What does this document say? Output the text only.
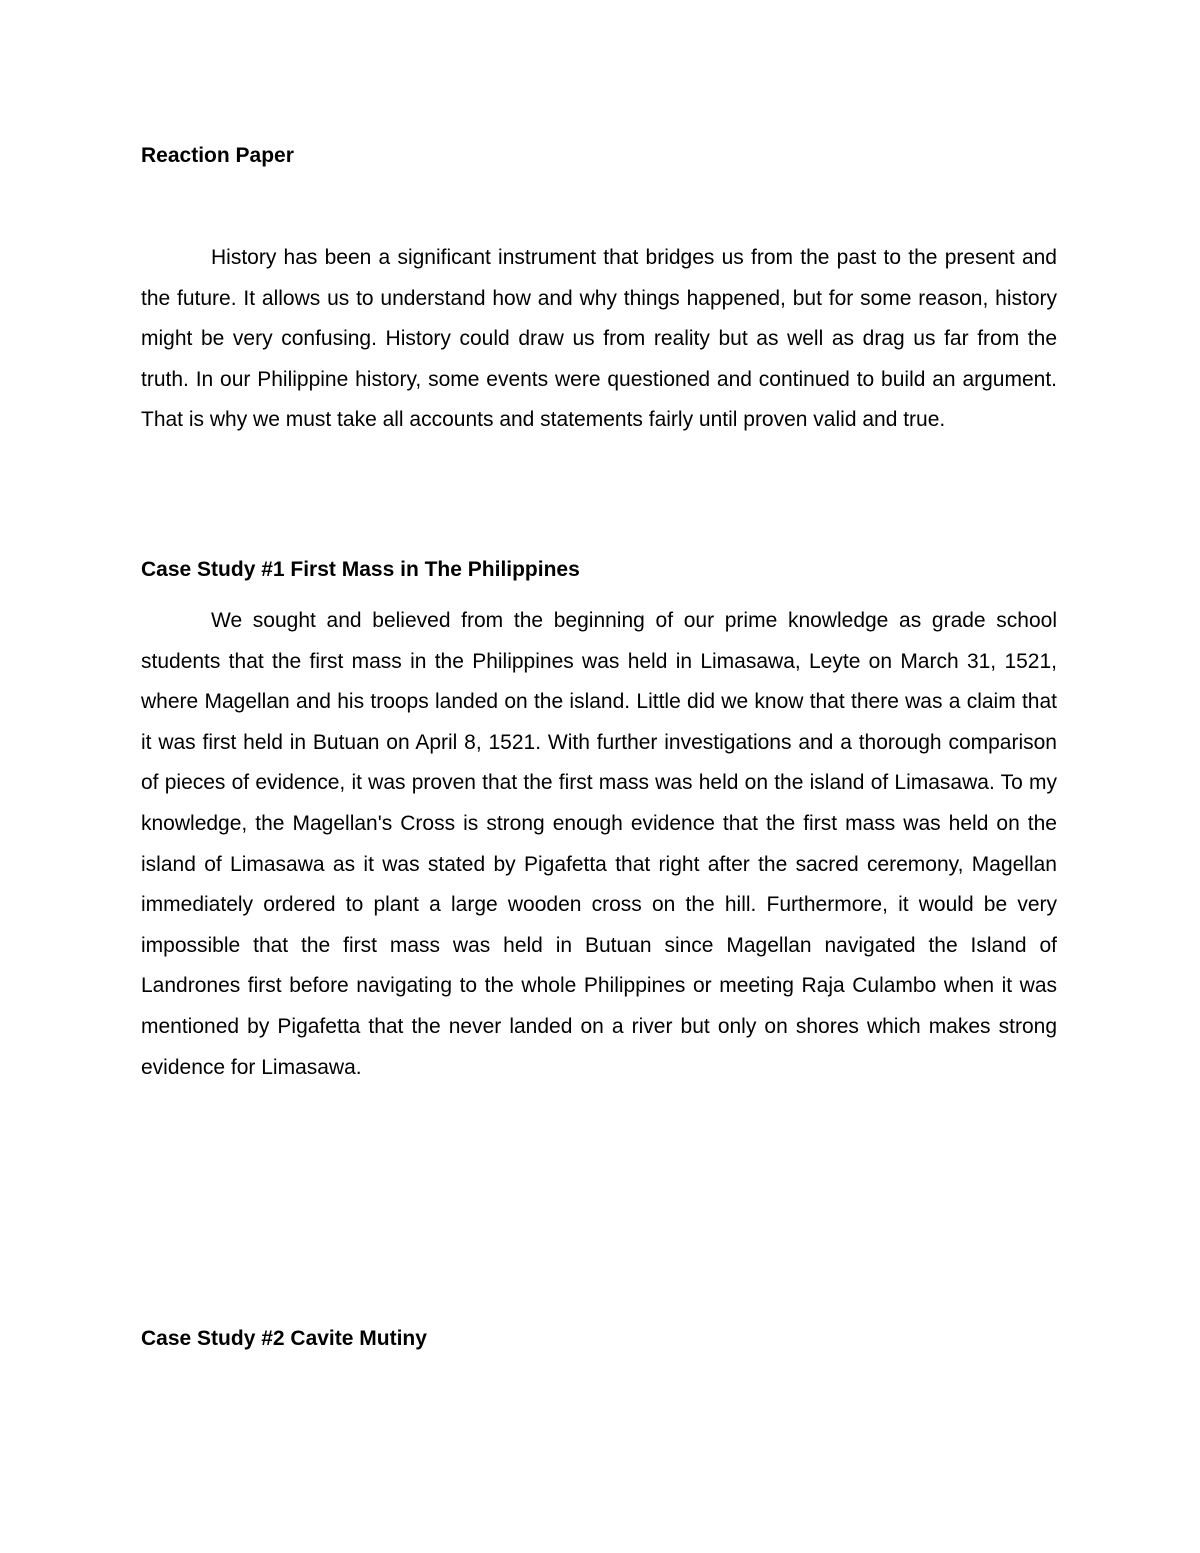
Reaction Paper

History has been a significant instrument that bridges us from the past to the present and the future. It allows us to understand how and why things happened, but for some reason, history might be very confusing. History could draw us from reality but as well as drag us far from the truth. In our Philippine history, some events were questioned and continued to build an argument. That is why we must take all accounts and statements fairly until proven valid and true.

Case Study #1 First Mass in The Philippines

We sought and believed from the beginning of our prime knowledge as grade school students that the first mass in the Philippines was held in Limasawa, Leyte on March 31, 1521, where Magellan and his troops landed on the island. Little did we know that there was a claim that it was first held in Butuan on April 8, 1521. With further investigations and a thorough comparison of pieces of evidence, it was proven that the first mass was held on the island of Limasawa. To my knowledge, the Magellan's Cross is strong enough evidence that the first mass was held on the island of Limasawa as it was stated by Pigafetta that right after the sacred ceremony, Magellan immediately ordered to plant a large wooden cross on the hill. Furthermore, it would be very impossible that the first mass was held in Butuan since Magellan navigated the Island of Landrones first before navigating to the whole Philippines or meeting Raja Culambo when it was mentioned by Pigafetta that the never landed on a river but only on shores which makes strong evidence for Limasawa.

Case Study #2 Cavite Mutiny
